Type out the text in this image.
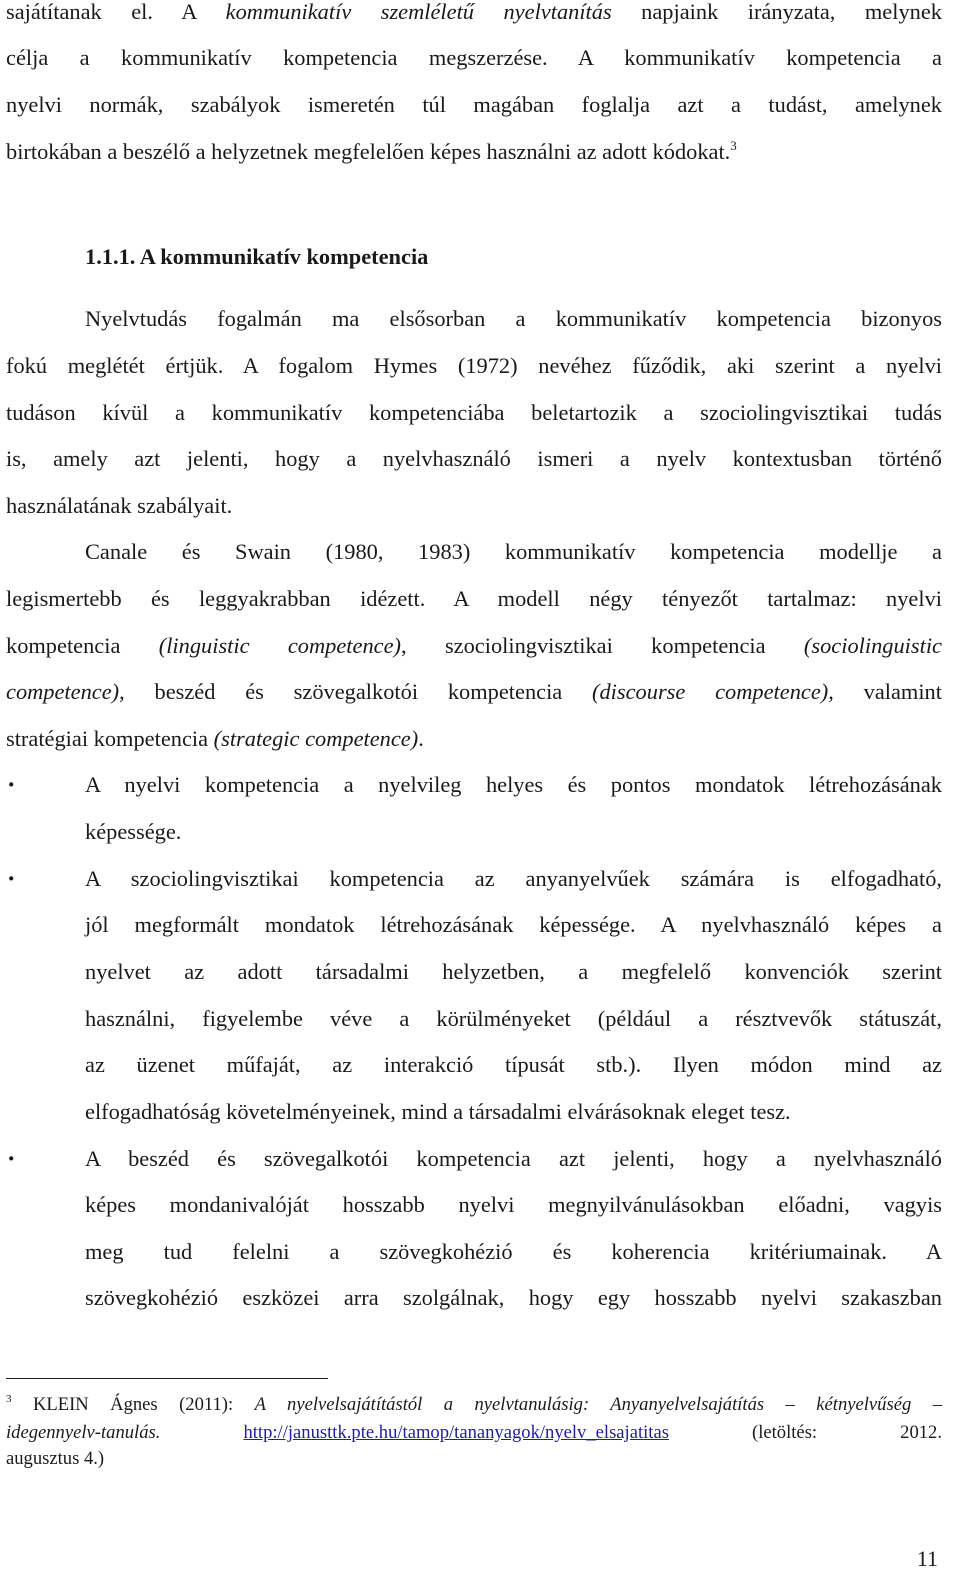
sajátítanak el. A kommunikatív szemléletű nyelvtanítás napjaink irányzata, melynek
célja a kommunikatív kompetencia megszerzése. A kommunikatív kompetencia a
nyelvi normák, szabályok ismeretén túl magában foglalja azt a tudást, amelynek
birtokában a beszélő a helyzetnek megfelelően képes használni az adott kódokat.$^3$
1.1.1. A kommunikatív kompetencia
Nyelvtudás fogalmán ma elsősorban a kommunikatív kompetencia bizonyos
fokú meglétét értjük. A fogalom Hymes (1972) nevéhez fűződik, aki szerint a nyelvi
tudáson kívül a kommunikatív kompetenciába beletartozik a szociolingvisztikai tudás
is, amely azt jelenti, hogy a nyelvhasználó ismeri a nyelv kontextusban történő
használatának szabályait.
Canale és Swain (1980, 1983) kommunikatív kompetencia modellje a
legismertebb és leggyakrabban idézett. A modell négy tényezőt tartalmaz: nyelvi
kompetencia (linguistic competence), szociolingvisztikai kompetencia (sociolinguistic
competence), beszéd és szövegalkotói kompetencia (discourse competence), valamint
stratégiai kompetencia (strategic competence).
∙	A nyelvi kompetencia a nyelvileg helyes és pontos mondatok létrehozásának
képessége.
∙	A szociolingvisztikai kompetencia az anyanyelvűek számára is elfogadható,
jól megformált mondatok létrehozásának képessége. A nyelvhasználó képes a
nyelvet az adott társadalmi helyzetben, a megfelelő konvenciók szerint
használni, figyelembe véve a körülményeket (például a résztvevők státuszát,
az üzenet műfaját, az interakció típusát stb.). Ilyen módon mind az
elfogadhatóság követelményeinek, mind a társadalmi elvárásoknak eleget tesz.
∙	A beszéd és szövegalkotói kompetencia azt jelenti, hogy a nyelvhasználó
képes mondanivalóját hosszabb nyelvi megnyilvánulásokban előadni, vagyis
meg tud felelni a szövegkohézió és koherencia kritériumainak. A
szövegkohézió eszközei arra szolgálnak, hogy egy hosszabb nyelvi szakaszban
$^3$ KLEIN Ágnes (2011): A nyelvelsajátítástól a nyelvtanulásig: Anyanyelvelsajátítás – kétnyelvűség –
idegennyelv-tanulás.	http://janusttk.pte.hu/tamop/tananyagok/nyelv_elsajatitas	(letöltés: 2012.
augusztus 4.)
11
